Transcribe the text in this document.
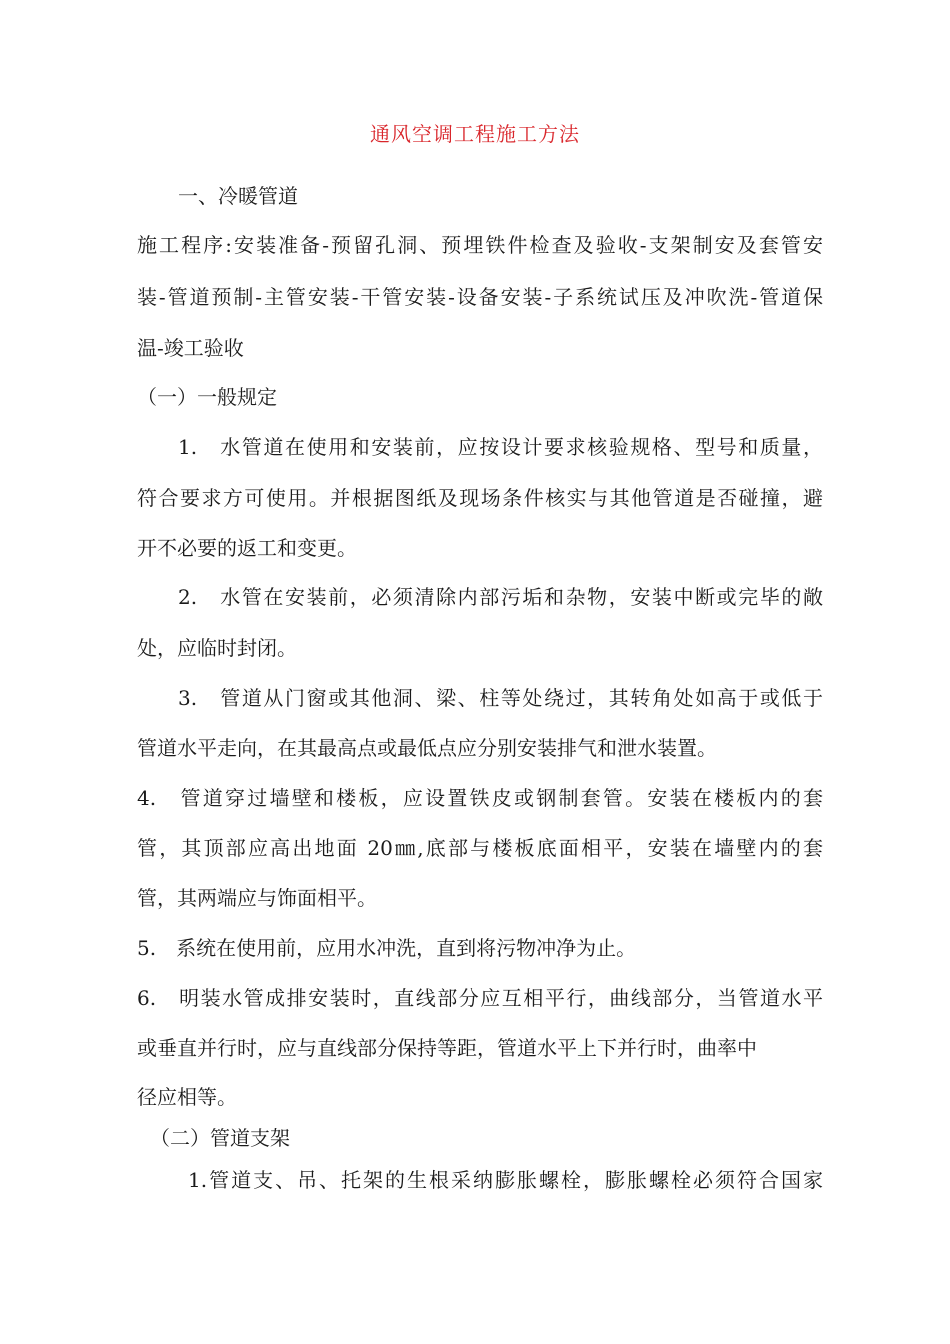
通风空调工程施工方法
一、冷暖管道
施工程序:安装准备-预留孔洞、预埋铁件检查及验收-支架制安及套管安
装-管道预制-主管安装-干管安装-设备安装-子系统试压及冲吹洗-管道保
温-竣工验收
（一）一般规定
1.　水管道在使用和安装前，应按设计要求核验规格、型号和质量，
符合要求方可使用。并根据图纸及现场条件核实与其他管道是否碰撞，避
开不必要的返工和变更。
2.　水管在安装前，必须清除内部污垢和杂物，安装中断或完毕的敞
处，应临时封闭。
3.　管道从门窗或其他洞、梁、柱等处绕过，其转角处如高于或低于
管道水平走向，在其最高点或最低点应分别安装排气和泄水装置。
4.　管道穿过墙壁和楼板，应设置铁皮或钢制套管。安装在楼板内的套
管，其顶部应高出地面 20㎜,底部与楼板底面相平，安装在墙壁内的套
管，其两端应与饰面相平。
5.　系统在使用前，应用水冲洗，直到将污物冲净为止。
6.　明装水管成排安装时，直线部分应互相平行，曲线部分，当管道水平
或垂直并行时，应与直线部分保持等距，管道水平上下并行时，曲率中
径应相等。
（二）管道支架
1.管道支、吊、托架的生根采纳膨胀螺栓，膨胀螺栓必须符合国家
